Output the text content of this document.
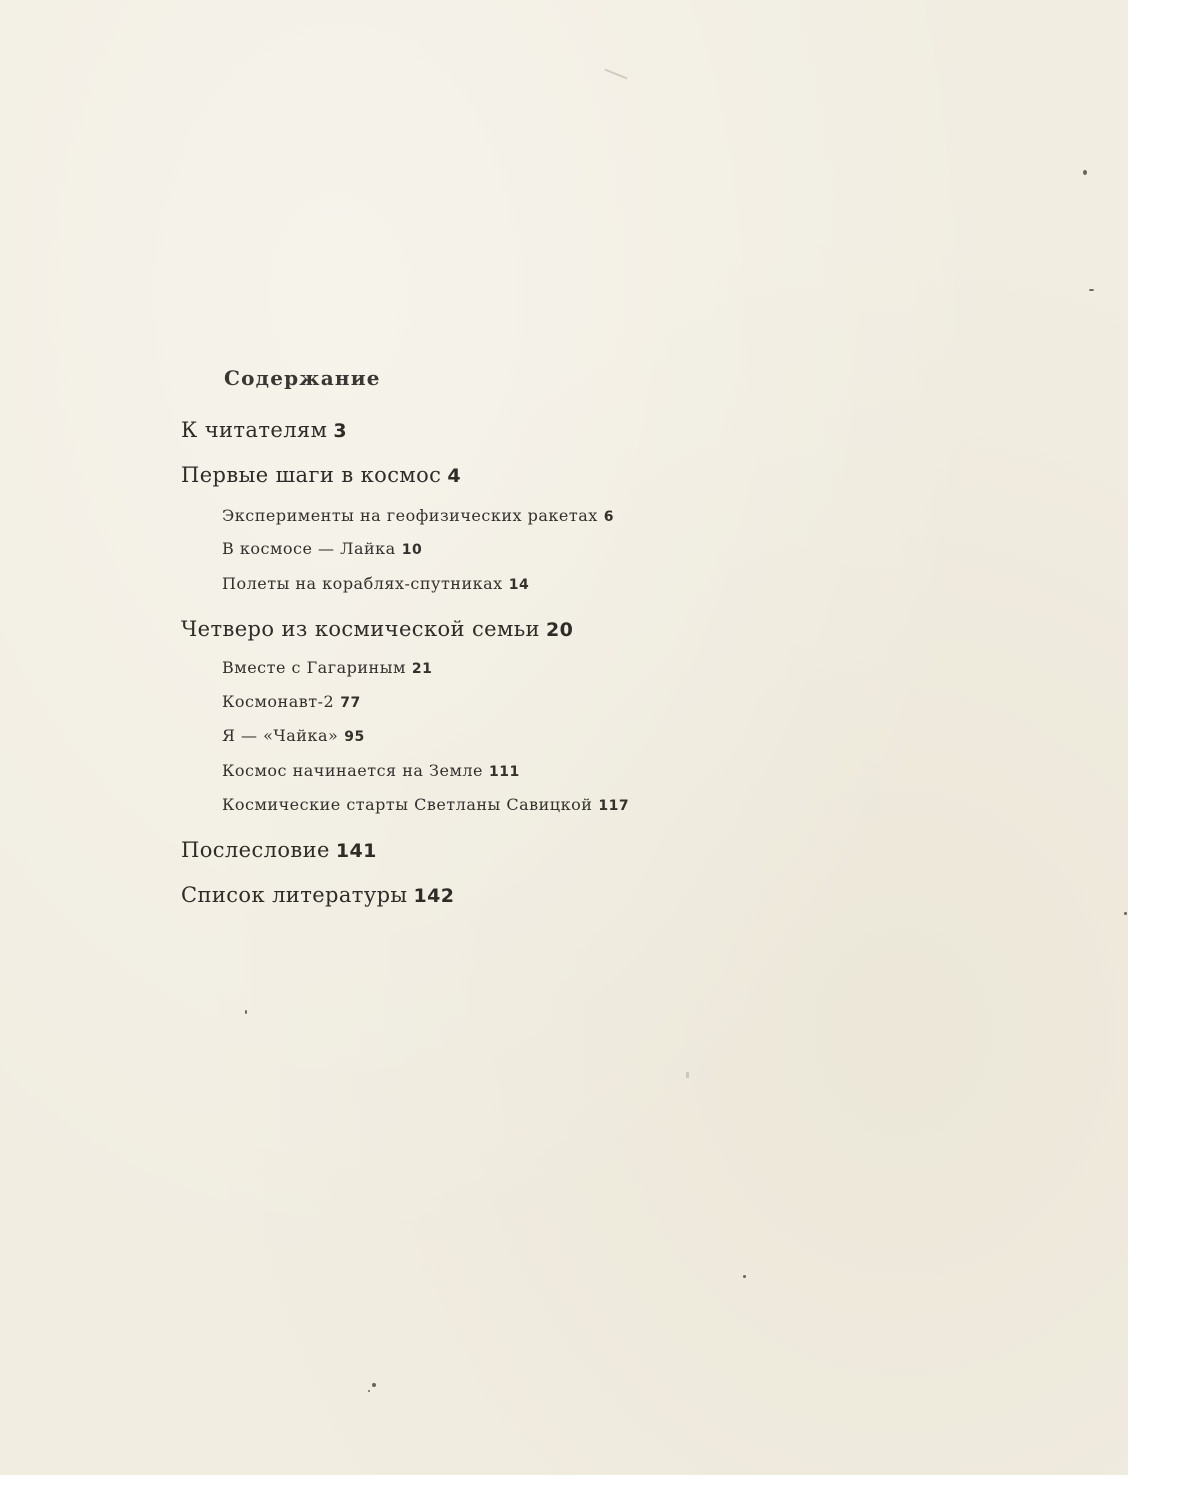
Содержание
К читателям 3
Первые шаги в космос 4
Эксперименты на геофизических ракетах 6
В космосе — Лайка 10
Полеты на кораблях-спутниках 14
Четверо из космической семьи 20
Вместе с Гагариным 21
Космонавт-2 77
Я — «Чайка» 95
Космос начинается на Земле 111
Космические старты Светланы Савицкой 117
Послесловие 141
Список литературы 142
